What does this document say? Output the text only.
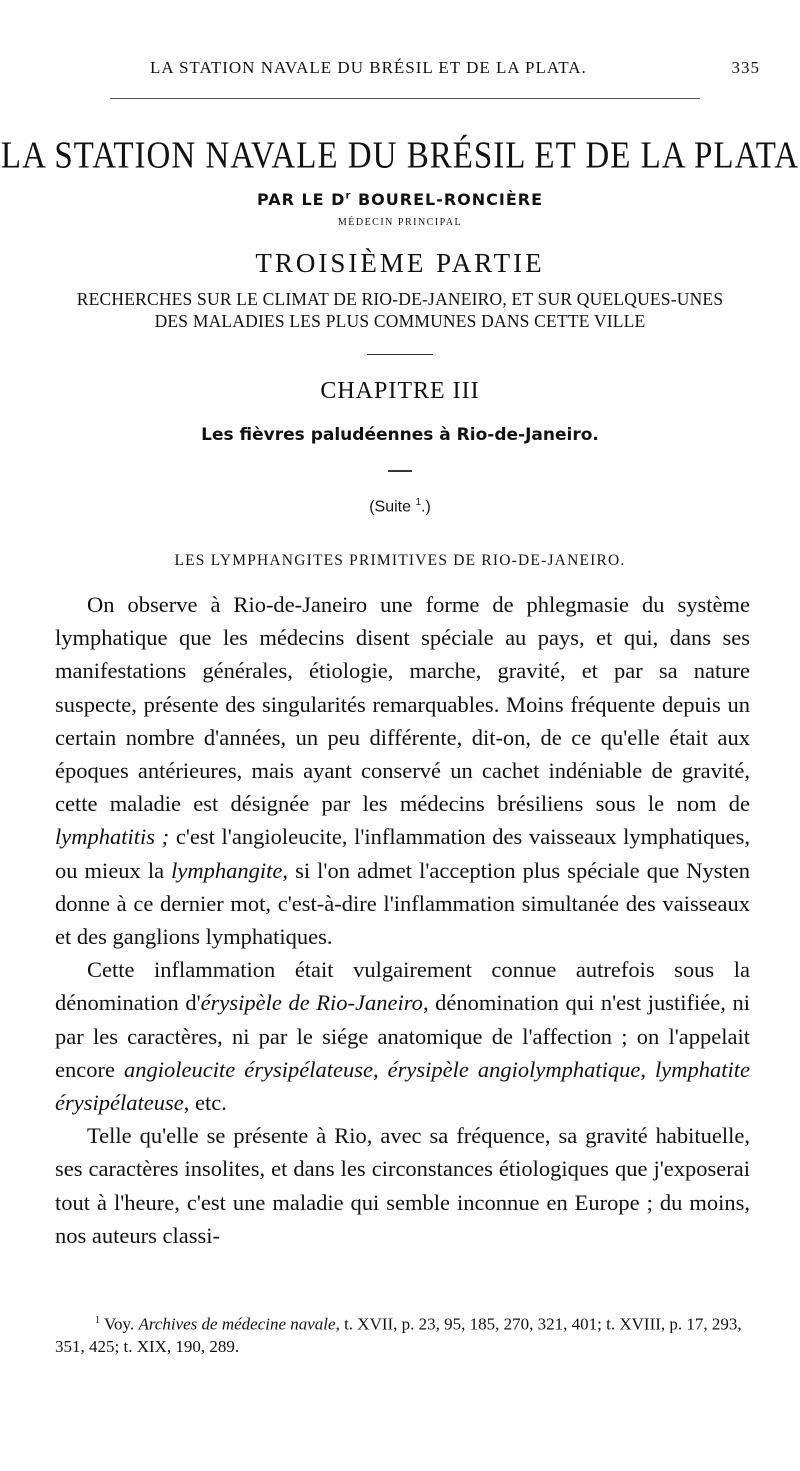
LA STATION NAVALE DU BRÉSIL ET DE LA PLATA.	335
LA STATION NAVALE DU BRÉSIL ET DE LA PLATA
PAR LE $D^r$ BOUREL-RONCIÈRE
MÉDECIN PRINCIPAL
TROISIÈME PARTIE
RECHERCHES SUR LE CLIMAT DE RIO-DE-JANEIRO, ET SUR QUELQUES-UNES
DES MALADIES LES PLUS COMMUNES DANS CETTE VILLE
CHAPITRE III
Les fièvres paludéennes à Rio-de-Janeiro.
(Suite $^1$.)
LES LYMPHANGITES PRIMITIVES DE RIO-DE-JANEIRO.

On observe à Rio-de-Janeiro une forme de phlegmasie du système lymphatique que les médecins disent spéciale au pays, et qui, dans ses manifestations générales, étiologie, marche, gravité, et par sa nature suspecte, présente des singularités remarquables. Moins fréquente depuis un certain nombre d'années, un peu différente, dit-on, de ce qu'elle était aux époques antérieures, mais ayant conservé un cachet indéniable de gravité, cette maladie est désignée par les médecins brésiliens sous le nom de lymphatitis ; c'est l'angioleucite, l'inflammation des vaisseaux lymphatiques, ou mieux la lymphangite, si l'on admet l'acception plus spéciale que Nysten donne à ce dernier mot, c'est-à-dire l'inflammation simultanée des vaisseaux et des ganglions lymphatiques.

Cette inflammation était vulgairement connue autrefois sous la dénomination d'érysipèle de Rio-Janeiro, dénomination qui n'est justifiée, ni par les caractères, ni par le siége anatomique de l'affection ; on l'appelait encore angioleucite érysipélateuse, érysipèle angiolymphatique, lymphatite érysipélateuse, etc.

Telle qu'elle se présente à Rio, avec sa fréquence, sa gravité habituelle, ses caractères insolites, et dans les circonstances étiologiques que j'exposerai tout à l'heure, c'est une maladie qui semble inconnue en Europe ; du moins, nos auteurs classi-

$^1$ Voy. Archives de médecine navale, t. XVII, p. 23, 95, 185, 270, 321, 401; t. XVIII, p. 17, 293, 351, 425; t. XIX, 190, 289.
